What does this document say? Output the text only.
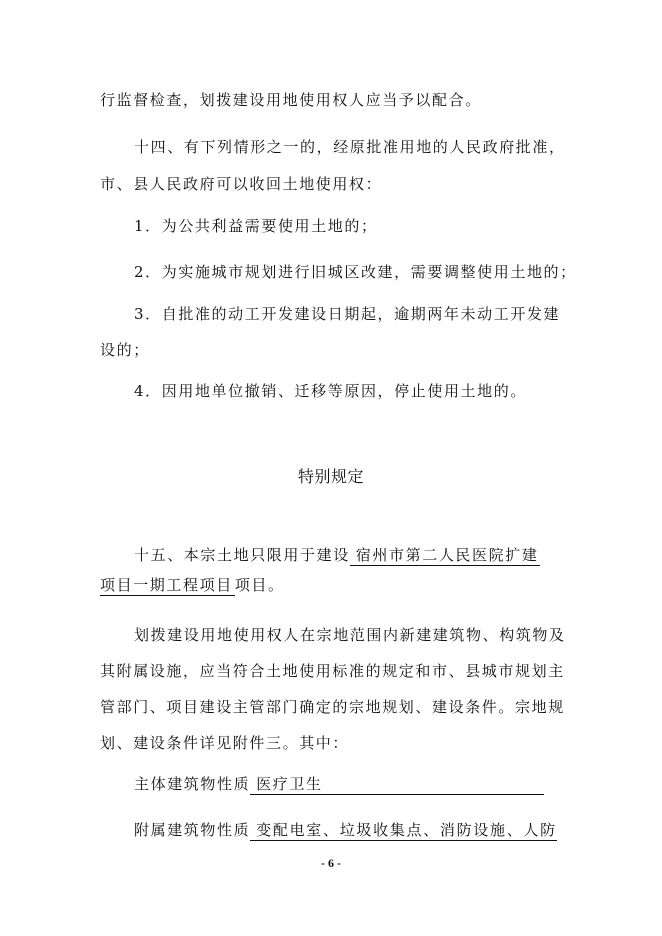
行监督检查，划拨建设用地使用权人应当予以配合。
十四、有下列情形之一的，经原批准用地的人民政府批准，
市、县人民政府可以收回土地使用权：
1．为公共利益需要使用土地的；
2．为实施城市规划进行旧城区改建，需要调整使用土地的；
3．自批准的动工开发建设日期起，逾期两年未动工开发建
设的；
4．因用地单位撤销、迁移等原因，停止使用土地的。
特别规定
十五、本宗土地只限用于建设 宿州市第二人民医院扩建
项目一期工程项目 项目。
划拨建设用地使用权人在宗地范围内新建建筑物、构筑物及
其附属设施，应当符合土地使用标准的规定和市、县城市规划主
管部门、项目建设主管部门确定的宗地规划、建设条件。宗地规
划、建设条件详见附件三。其中：
主体建筑物性质 医疗卫生
附属建筑物性质 变配电室、垃圾收集点、消防设施、人防
- 6 -
